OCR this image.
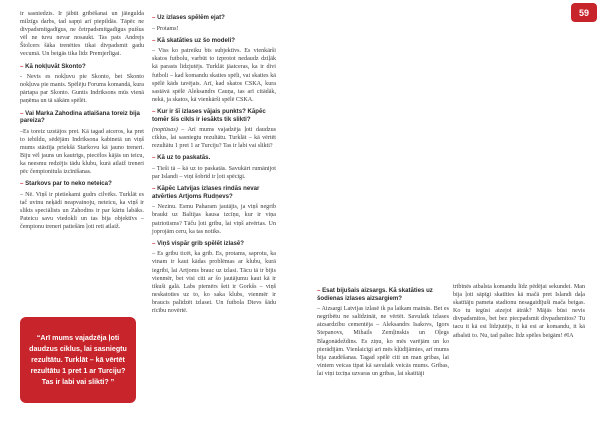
ir sasniedzis. Ir jābūt gribēšanai un jāiegulda milzīgs darbs, tad sapņi arī piepildās. Tāpēc ne divpadsmitgadīgus, ne četrpadsmitgadīgus puišus vēl ne tuvu nevar nosaukt. Tas pats Andrejs Štolcers šāka trenēties tikai divpadsmit gadu vecumā. Un beigās tika līdz Premjerlīgai.

– Kā nokļuvāt Skonto?

- Nevis es nokļuvu pie Skonto, bet Skonto nokļuva pie manis. Spēlēju Forums komandā, kura pārtapa par Skonto. Guntis Indriksons mūs vienā paņēma un tā sākām spēlēt.

– Vai Marka Zahodina atlaišana toreiz bija pareiza?

–Es toreiz uzstājos pret. Kā tagad atceros, ka pret to iebildu, sēdējām Indriksona kabinetā un viņš mums stāstīja priekšā Starkovu kā jauno treneri. Biju vēl jauns un kautrīgs, piecēlos kājās un teicu, ka neesmu redzējis tādu klubu, kurā atlaiž treneri pēc čempionitula izcīnīšanas.

– Starkovs par to neko neteica?

– Nē. Viņš ir pietiekami gudrs cilvēks. Turklāt es tač uvinu neķādi neapvainoju, neteicu, ka viņš ir slikts speciālists un Zahodins ir par kārtu labāks. Pateicu savu viedokli un tas bija objektīvs – čempionu treneri patiešām ļoti reti atlaiž.

– Uz izlases spēlēm ejat?

– Protams!

– Kā skatāties uz šo modeli?

– Viss ko patreiku bīs subjektīvs. Es vienkārši skatos futbolu, varbūt to izprotot nedaudz dziļāk kā parasts līdzjutējs. Turklāt jāatceras, ka ir divi futboli – kad komandu skaties spēli, vai skaties kā spēlē kāds tavējais. Arī, kad skatos CSKA, kura sastāvā spēlē Aleksandrs Cauņa, tas arī citādāk, nekā, ja skatos, kā vienkārši spēlē CSKA.

– Kur ir šī izlases vājais punkts? Kāpēc tomēr šis cikls ir iesākts tik slikti?

(noptūsas) – Arī mums vajadzēja ļoti daudzus ciklus, lai sasniegtu rezultātu. Turklāt – kā vērtēt rezultātu 1 pret 1 ar Turciju? Tas ir labi vai slikti?

– Kā uz to paskatās.

– Tieši tā – kā uz to paskatās. Savukārt rumānijot par Islandi – viņi šobrīd ir ļoti spēcīgi.

– Kāpēc Latvijas izlases rindās nevar atvērties Artjoms Rudņevs?

– Nezinu. Esmu Paharam jautājis, ja viņš negrib braukt uz Baltijas kausa izcīņu, kur ir viņa patriotisms? Tāču ļoti gribu, lai viņš atvērtas. Un joprojām ceru, ka tas notiks.

– Viņš vispār grib spēlēt izlasē?

– Es gribu ticēt, ka grib. Es, protams, saprotu, ka vinam ir kaut kādas problēmas ar klubu, kurā iegribi, lai Artjoms brauc uz izlasi. Tācu tā ir bijis vienmēr, bet visi citi ar šo jautājumu kaut kā ir tikuši galā. Labs piemērs šeit ir Gorkšs – viņš neskatoties uz to, ko saka klubs, vienmēr ir braucis palīdzēt izlasei. Un futbola Dievs šādu rīcību novērtē.

– Esat bijušais aizsargs. Kā skatāties uz šodienas izlases aizsargiem?

– Aizsargi Latvijas izlasē ik pa laikam mainās. Bet es negribētu ne salīdzināt, ne vērtēt. Savulaik izlases aizsardzību cementēja – Aleksandrs Isakovs, Igors Stepanovs, Mihails Zemļinskis un Oļegs Blagonādeždins. Es ziņu, ko mēs varējām un ko pierādījām. Vienlaicīgi arī mēs kļūdījāmies, arī mums bija zaudēšanas. Tagad spēlē citi un man gribas, lai viniem veicas tipat kā savulaik veicās mums. Gribas, lai viņi izcīņa uzvaras un gribas, lai skatītāji

tribīnēs atbalsta komandu līdz pēdējai sekundei. Man bija ļoti sāpīgi skatīties kā mačā pret Islandi daļa skatītāju pameta stadionu nesagaidījuši mača beigas. Ko tu iegūsi aizejot ātrāk? Mājās būsi nevis divpadsmitos, bet bez piecpadsmit divpadsmitos? Tu tacu it kā esi līdzjutējs, it kā esi ar komandu, it kā atbalsti to. Nu, tad paliec līdz spēles beigām! #IA

“Arī mums vajadzēja ļoti daudzus ciklus, lai sasniegtu rezultātu. Turklāt – kā vērtēt rezultātu 1 pret 1 ar Turciju? Tas ir labi vai slikti? ”
59
